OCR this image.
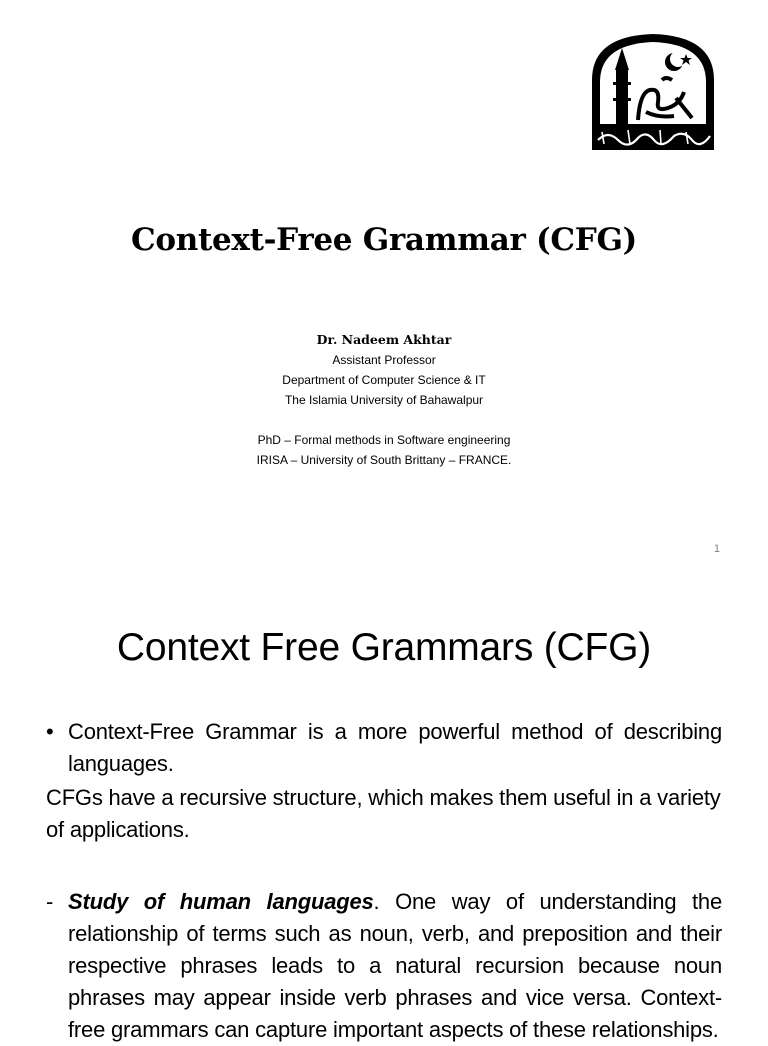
Context-Free Grammar (CFG)
Dr. Nadeem Akhtar
Assistant Professor
Department of Computer Science & IT
The Islamia University of Bahawalpur
PhD – Formal methods in Software engineering
IRISA – University of South Brittany – FRANCE.
1
Context Free Grammars (CFG)
• Context-Free Grammar is a more powerful method of describing languages.
CFGs have a recursive structure, which makes them useful in a variety of applications.
- Study of human languages. One way of understanding the relationship of terms such as noun, verb, and preposition and their respective phrases leads to a natural recursion because noun phrases may appear inside verb phrases and vice versa. Context-free grammars can capture important aspects of these relationships.
